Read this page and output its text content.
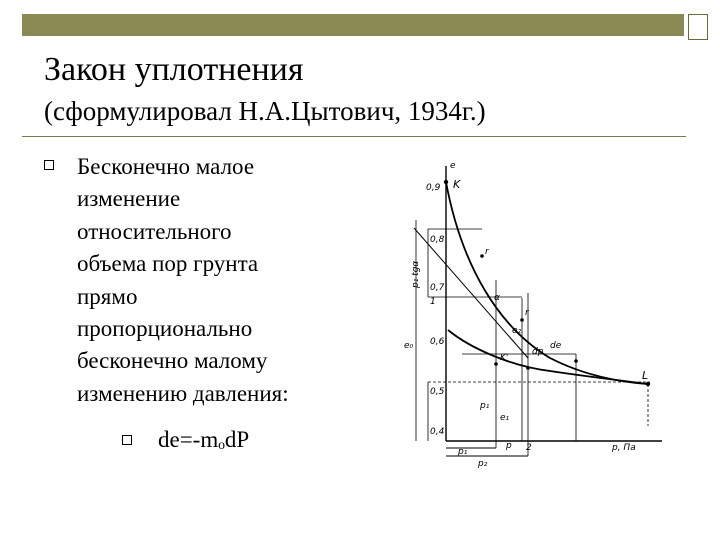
Закон уплотнения
(сформулировал Н.А.Цытович, 1934г.)
Бесконечно малое
изменение
относительного
объема пор грунта
прямо
пропорционально
бесконечно малому
изменению давления:
de=-mₒdP
e
K
L
0,9
0,8
0,7
0,6
0,5
0,4
e₀
p₁ tgα
r
α
r
de
dp
K'
1
2
e₁
e₂
p₁
p₁
p
p₂
p, Па
